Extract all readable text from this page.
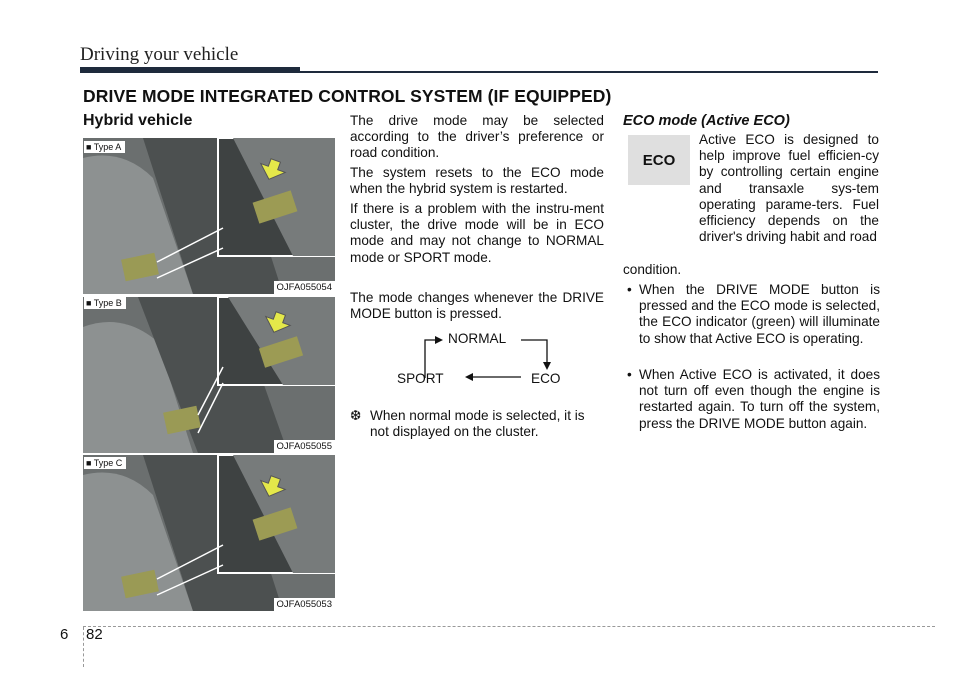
Driving your vehicle
DRIVE MODE INTEGRATED CONTROL SYSTEM (IF EQUIPPED)
Hybrid vehicle
OJFA055054
■ Type A
OJFA055055
■ Type B
OJFA055053
■ Type C
The drive mode may be selected according to the driver’s preference or road condition.
The system resets to the ECO mode when the hybrid system is restarted.
If there is a problem with the instru-ment cluster, the drive mode will be in ECO mode and may not change to NORMAL mode or SPORT mode.
The mode changes whenever the DRIVE MODE button is pressed.
NORMAL
SPORT	ECO
❆ When normal mode is selected, it is not displayed on the cluster.
ECO mode (Active ECO)
ECO
Active ECO is designed to help improve fuel efficien-cy by controlling certain engine and transaxle sys-tem operating parame-ters. Fuel efficiency depends on the driver's driving habit and road
condition.
• When the DRIVE MODE button is pressed and the ECO mode is selected, the ECO indicator (green) will illuminate to show that Active ECO is operating.
• When Active ECO is activated, it does not turn off even though the engine is restarted again. To turn off the system, press the DRIVE MODE button again.
6 82
